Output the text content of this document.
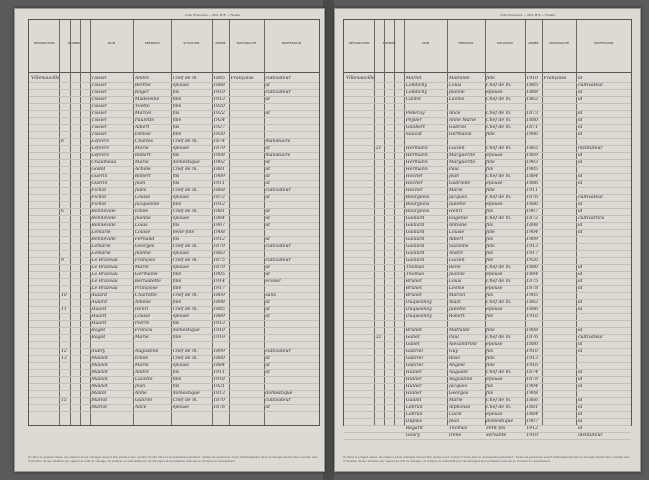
Cote Provisoire — Mun N°8 — Feuille
DÉSIGNATION	NOMBRE	NOM	PRÉNOMS	SITUATION	ANNÉE	NATIONALITÉ	PROFESSION
Tissier	André	Chef de m.	1885 Française	cultivateur
Tissier	Berthe	épouse	1888	id
Tissier	Roger	fils	1910	cultivateur
Tissier	Madeleine	fille	1913	id
Tissier	Yvette	fille	1920
Tissier	Marcel	fils	1922	id
Tissier	Paulette	fille	1924
Tissier	Albert	fils	1927
Tissier	Denise	fille	1930
6	Lefevre	Charles	Chef de m.	1874	manœuvre
Lefevre	Marie	épouse	1879	id
Lefevre	Robert	fils	1908	manœuvre
Chaumeau	Marie	domestique	1902	id
Godot	Achille	Chef de m.	1881	id
Guérin	Robert	fils	1909	id
Guérin	Jean	fils	1911	id
Fichot	Jules	Chef de m.	1868	cultivateur
Fichot	Louise	épouse	1872	id
Fichot	Jacqueline	fille	1912
6	Bonneville	Emile	Chef de m.	1881	id
Bonneville	Jeanne	épouse	1884	id
Bonneville	Louis	fils	1907	id
Lemarie	Louise	belle-fille	1908
Bonneville	Fernand	fils	1912	id
Lemarie	Georges	Chef de m.	1879	cultivateur
Lemarie	Jeanne	épouse	1883
9	Le Brazeau	François	Chef de m.	1875	cultivateur
Le Brazeau	Marie	épouse	1879	id
Le Brazeau	Germaine	fille	1905	id
Le Brazeau	Bernadette	fille	1914	écolier
Le Brazeau	Françoise	fille	1917
10	Aulard	Charlotte	Chef de m.	1869	sans
Aulard	Amélie	fille	1898	id
11	Huard	Henri	Chef de m.	1885	id
Huard	Louise	épouse	1889	id
Huard	Pierre	fils	1913
Ragot	Francis	domestique	1910
Ragot	Marie	fille	1919
12	Aubry	Augustine	Chef de m.	1899	cultivateur
13	Maillot	Emile	Chef de m.	1880	id
Maillot	Marie	épouse	1884	id
Maillot	André	fils	1911	id
Maillot	Lucette	fille	1918
Maillot	Jean	fils	1921
Mallot	Anne	domestique	1913	domestique
15	Marlot	Gabriel	Chef de m.	1870	cultivateur
Marlot	Alice	épouse	1876	id
Villenauville
(1) Dans le présent relevé, les maisons et les ménages doivent être portés à leur numéro d'ordre dans le recensement précédent ; toutes les personnes vivant habituellement dans le ménage doivent être inscrites avec l'indication de leur situation par rapport au chef de ménage. (2) Indiquer la nationalité pour les étrangers et la profession exercée au moment du recensement.
Cote Provisoire — Mun N°8 — Feuille
DÉSIGNATION	NOMBRE	NOM	PRÉNOMS	SITUATION	ANNÉE	NATIONALITÉ	PROFESSION
Marlot	Mathilde	fille	1910 Française	id
Londichy	Louis	Chef de m.	1885	cultivateur
Londichy	Jeanne	épouse	1888	id
Caillot	Léonie	Chef de m.	1862	id
Pelleray	Alice	Chef de m.	1873	id
Peyller	Anne Marie Chef de m.	1880	id
Guilbert	Gabriel	Chef de m.	1871	id
Sauvat	Germaine	fille	1906	id
21	Hermann	Lucien	Chef de m.	1865	instituteur
Hermann	Marguerite épouse	1869	id
Hermann	Marguerite fille	1903	id
Hermann	Paul	fils	1905
Hocher	Jean	Chef de m.	1884	id
Hocher	Gabrielle	épouse	1886	id
Hocher	Marie	fille	1911
Bourgeois	Jacques	Chef de m.	1876	cultivateur
Bourgeois	Juliette	épouse	1880	id
Bourgeois	Henri	fils	1907	id
Gaillard	Eugénie	Chef de m.	1872	cultivatrice
Gaillard	Antoine	fils	1898	id
Gaillard	Louise	fille	1904	id
Gaillard	Albert	fils	1909
Gaillard	Suzanne	fille	1913
Gaillard	André	fils	1917
Gaillard	Lucien	fils	1920
Thomas	René	Chef de m.	1880	id
Thomas	Jeanne	épouse	1884	id
Brunet	Louis	Chef de m.	1875	id
Brunet	Léonie	épouse	1878	id
Brunet	Marcel	fils	1905
Duquesnoy	Alain	Chef de m.	1882	id
Duquesnoy	Juliette	épouse	1886	id
Duquesnoy	Robert	fils	1910
Brunet	Mathilde	fille	1908	id
32	Gallet	Paul	Chef de m.	1876	cultivateur
Gallet	Alexandrine épouse	1880	id
Gabriel	Guy	fils	1910	id
Gabriel	Rose	fille	1913
Gabriel	Angèle	fille	1916
Hullier	Auguste	Chef de m.	1874	id
Hullier	Augustine	épouse	1878	id
Hullier	Jacques	fils	1904	id
Hullier	Georges	fils	1908
Guillot	Marie	Chef de m.	1866	id
Lebrun	Alphonse	Chef de m.	1881	id
Lebrun	Lucie	épouse	1884	id
Dupuis	Jean	domestique	1907	id
Regard	Thomas	Petit-fils	1912	id
Goury	Irène	servante	1910	instituteur
Villenauville
(1) Dans le présent relevé, les maisons et les ménages doivent être portés à leur numéro d'ordre dans le recensement précédent ; toutes les personnes vivant habituellement dans le ménage doivent être inscrites avec l'indication de leur situation par rapport au chef de ménage. (2) Indiquer la nationalité pour les étrangers et la profession exercée au moment du recensement.
